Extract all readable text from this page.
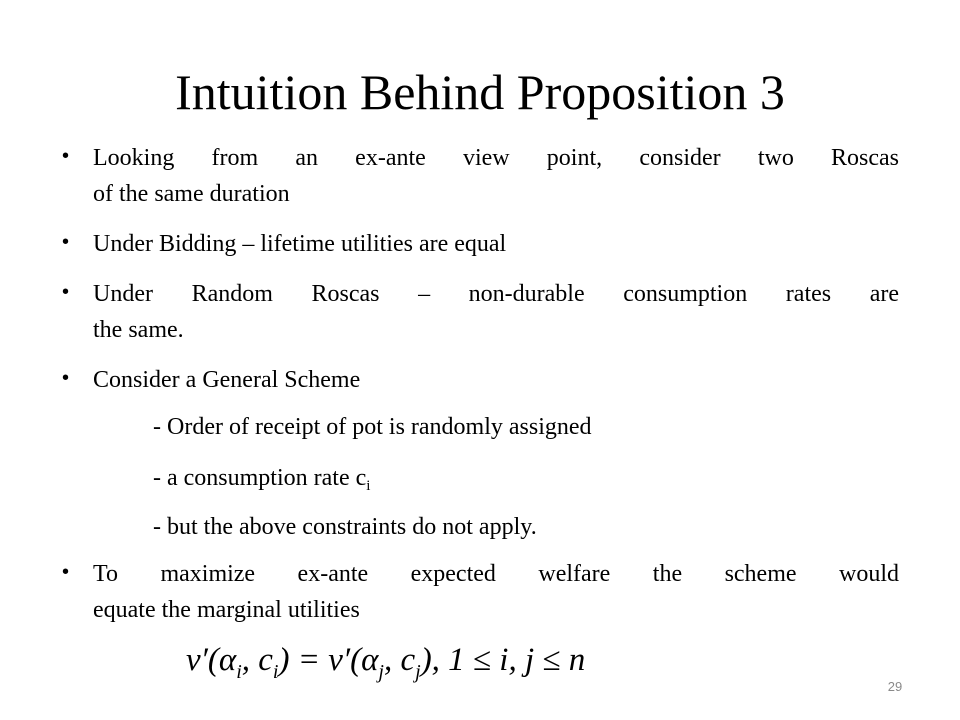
Intuition Behind Proposition 3
• Looking from an ex-ante view point, consider two Roscas
of the same duration
• Under Bidding – lifetime utilities are equal
• Under Random Roscas – non-durable consumption rates are
the same.
• Consider a General Scheme
- Order of receipt of pot is randomly assigned
- a consumption rate $c_i$
- but the above constraints do not apply.
• To maximize ex-ante expected welfare the scheme would
equate the marginal utilities
$v'(\alpha_i$, $c_i) = v'(\alpha_j$, $c_j$), 1 ≤ i, j ≤ n
29
